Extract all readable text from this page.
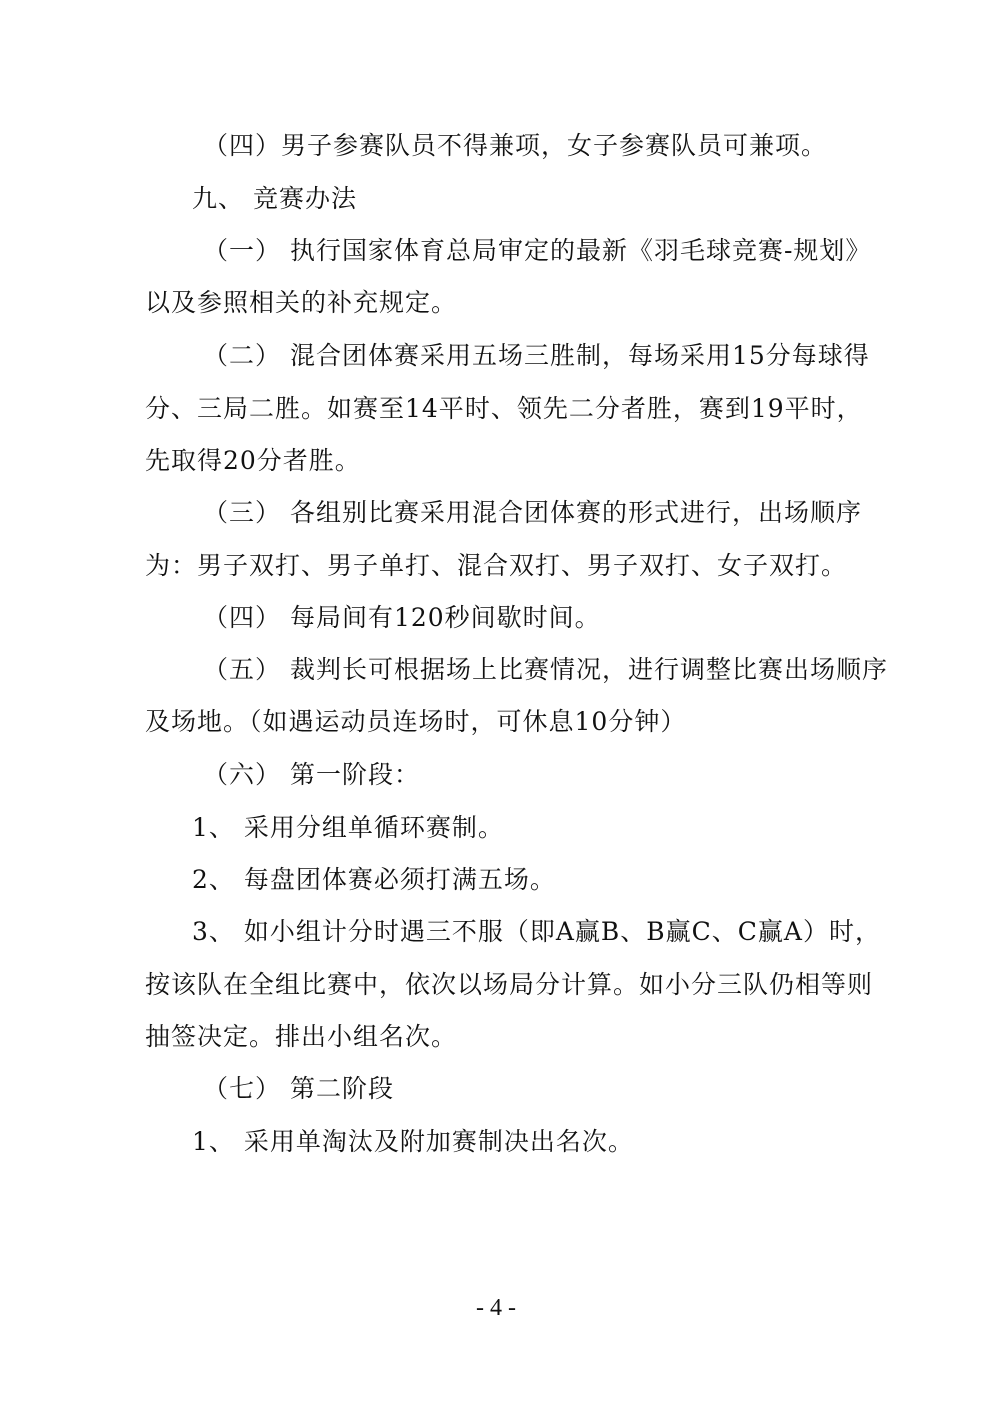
（四）男子参赛队员不得兼项，女子参赛队员可兼项。
九、 竞赛办法
（一） 执行国家体育总局审定的最新《羽毛球竞赛-规划》
以及参照相关的补充规定。
（二） 混合团体赛采用五场三胜制，每场采用15分每球得
分、三局二胜。如赛至14平时、领先二分者胜，赛到19平时，
先取得20分者胜。
（三） 各组别比赛采用混合团体赛的形式进行，出场顺序
为：男子双打、男子单打、混合双打、男子双打、女子双打。
（四） 每局间有120秒间歇时间。
（五） 裁判长可根据场上比赛情况，进行调整比赛出场顺序
及场地。（如遇运动员连场时，可休息10分钟）
（六） 第一阶段：
1、 采用分组单循环赛制。
2、 每盘团体赛必须打满五场。
3、 如小组计分时遇三不服（即A赢B、B赢C、C赢A）时，
按该队在全组比赛中，依次以场局分计算。如小分三队仍相等则
抽签决定。排出小组名次。
（七） 第二阶段
1、 采用单淘汰及附加赛制决出名次。
- 4 -
